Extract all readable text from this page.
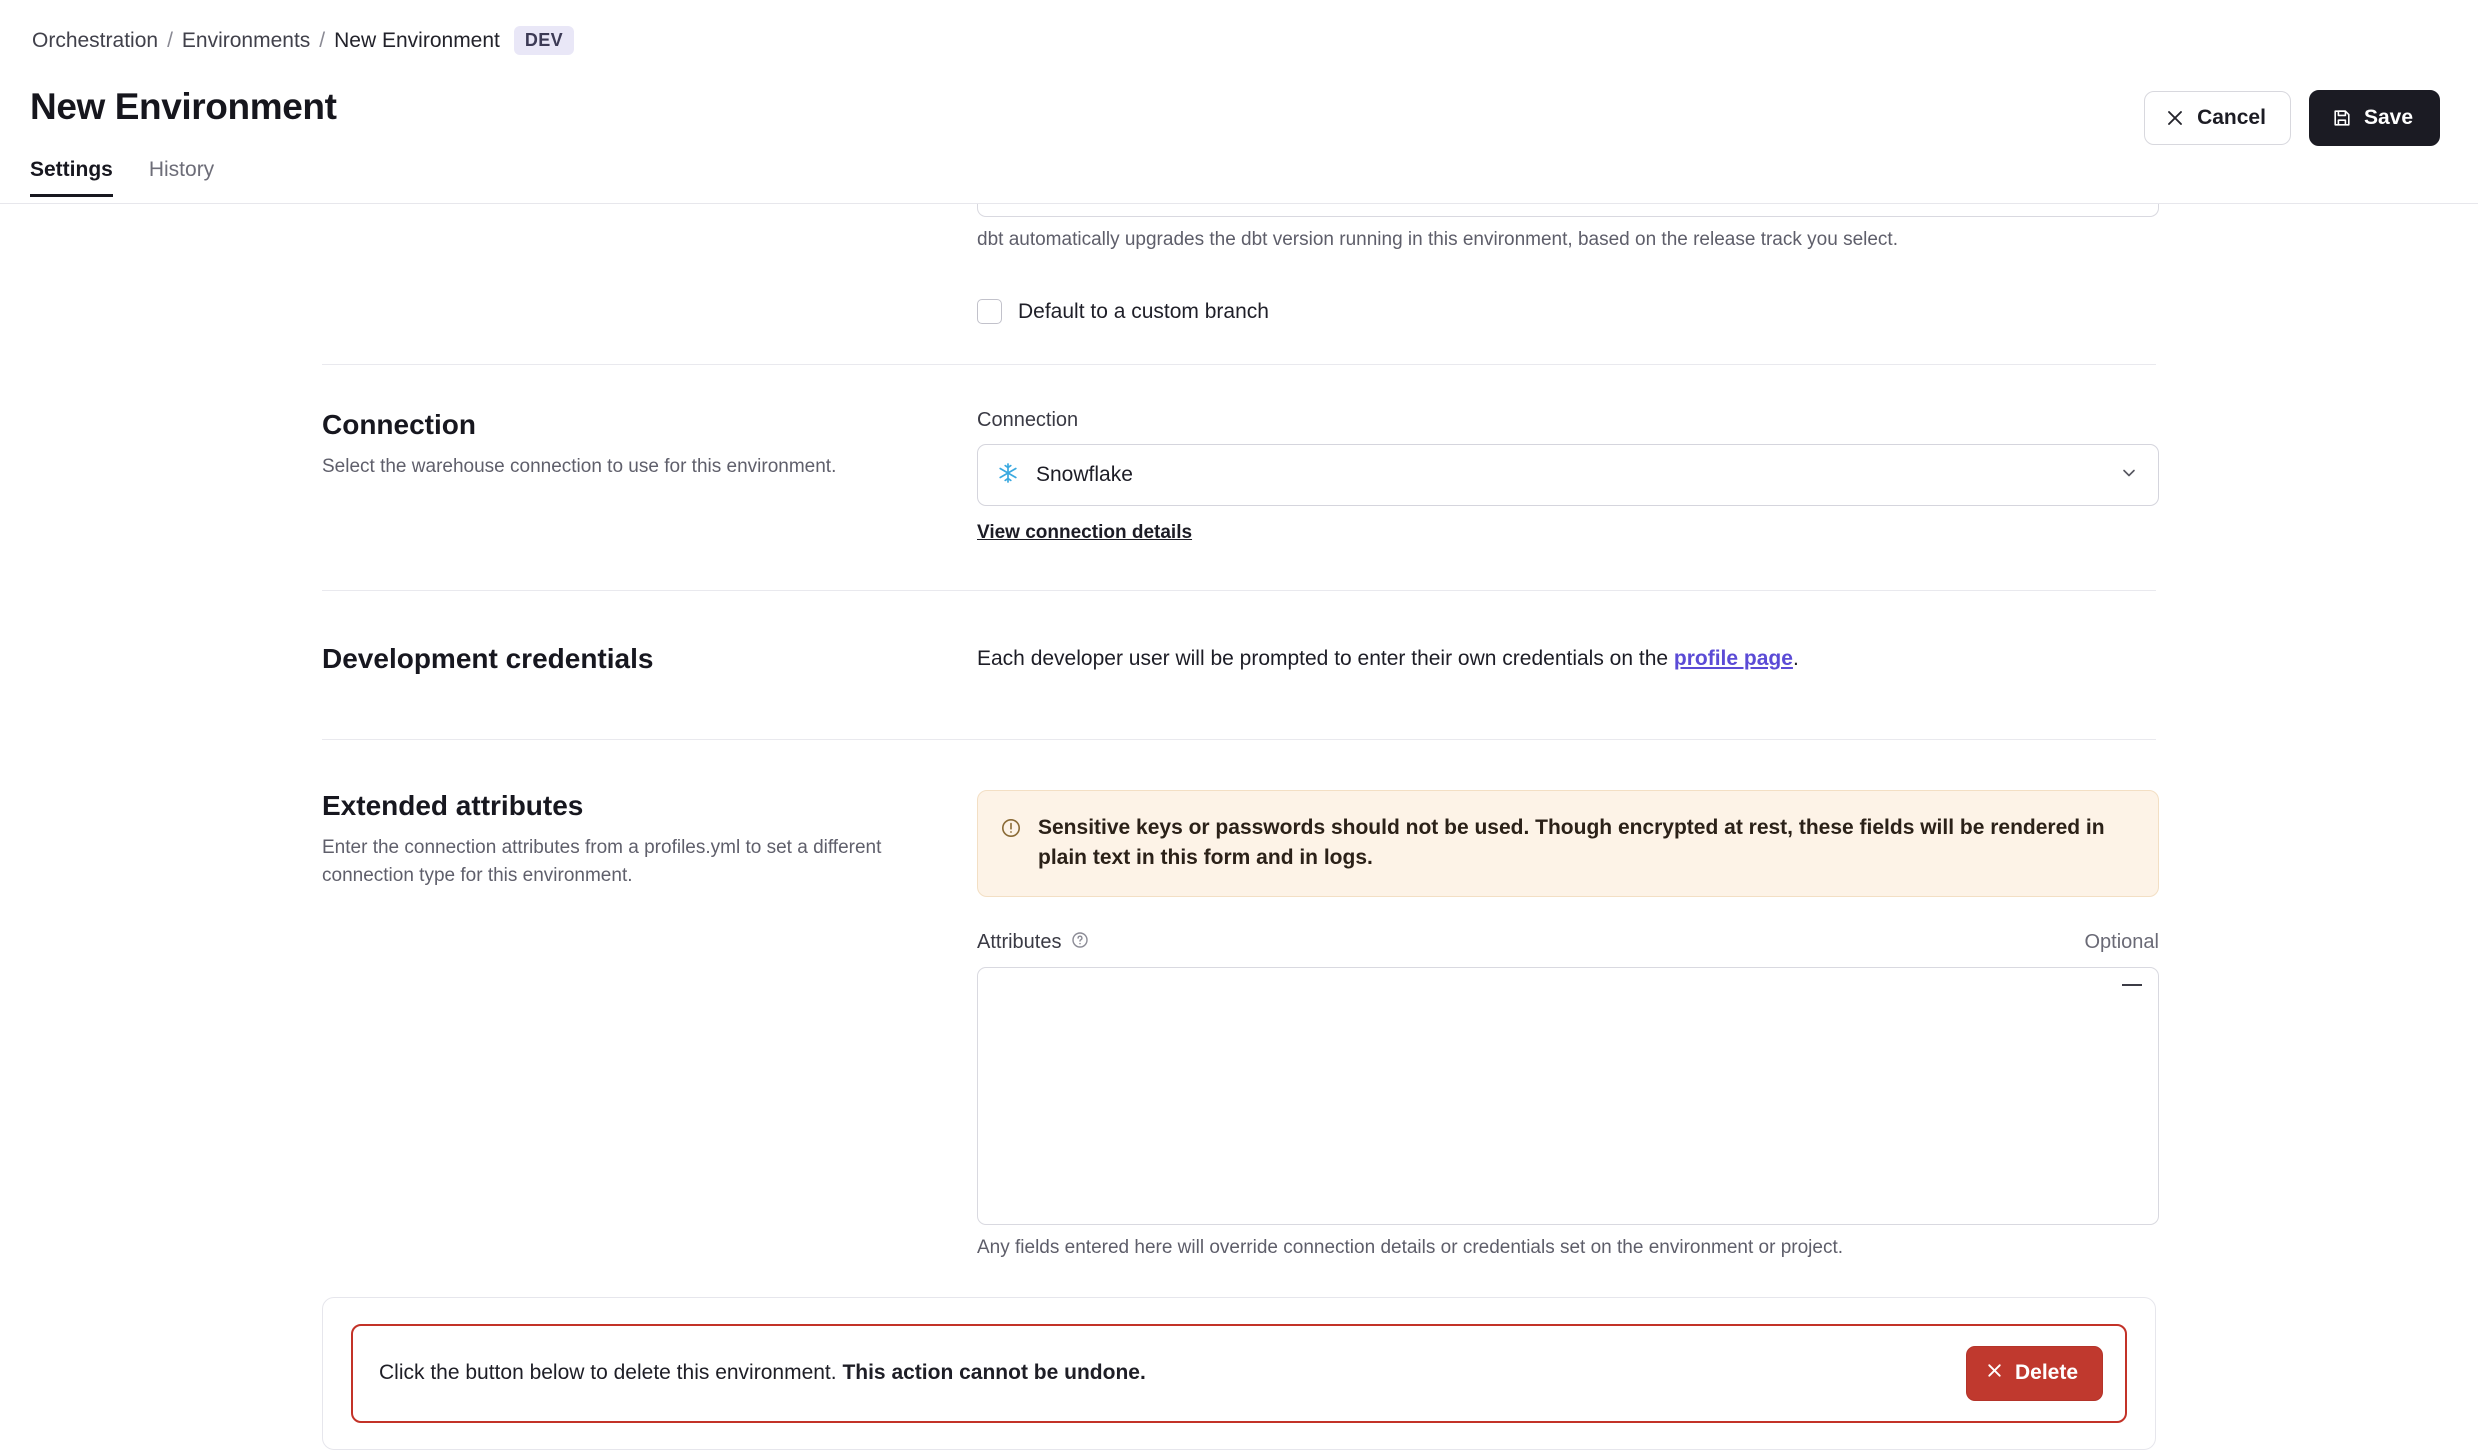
Orchestration / Environments / New Environment	DEV
New Environment	Cancel	Save
Settings History
dbt automatically upgrades the dbt version running in this environment, based on the release track you select.
Default to a custom branch

Connection

Select the warehouse connection to use for this environment.

Connection
Snowflake
View connection details

Development credentials	Each developer user will be prompted to enter their own credentials on the profile page.

Extended attributes

Enter the connection attributes from a profiles.yml to set a different connection type for this environment.

Sensitive keys or passwords should not be used. Though encrypted at rest, these fields will be rendered in plain text in this form and in logs.
Attributes	Optional
Any fields entered here will override connection details or credentials set on the environment or project.
Click the button below to delete this environment. This action cannot be undone.	Delete
